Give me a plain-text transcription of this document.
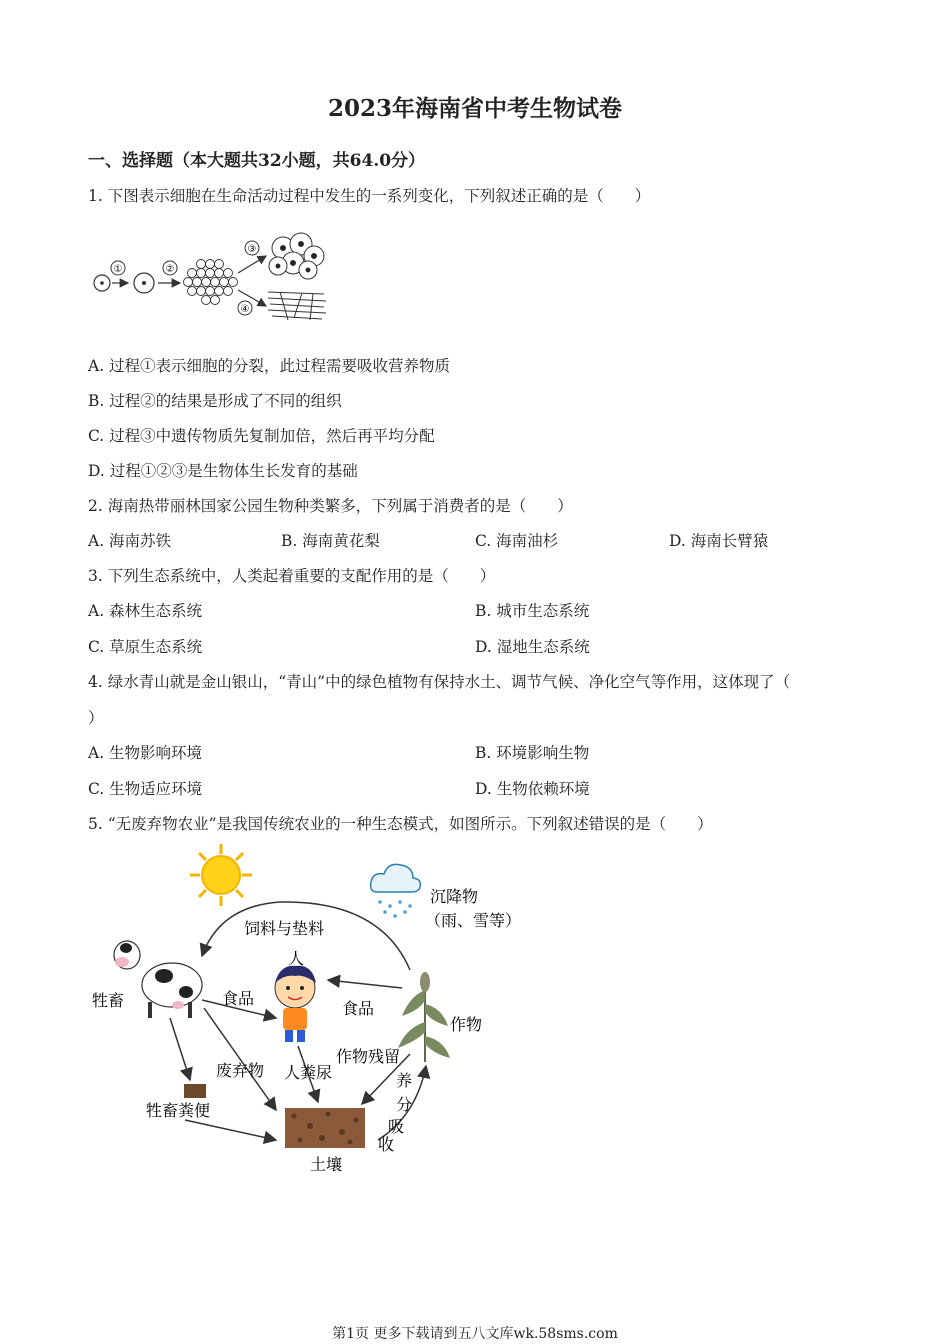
2023年海南省中考生物试卷
一、选择题（本大题共32小题，共64.0分）
1. 下图表示细胞在生命活动过程中发生的一系列变化，下列叙述正确的是（　　）
①	②
③
④
A. 过程①表示细胞的分裂，此过程需要吸收营养物质
B. 过程②的结果是形成了不同的组织
C. 过程③中遗传物质先复制加倍，然后再平均分配
D. 过程①②③是生物体生长发育的基础
2. 海南热带丽林国家公园生物种类繁多，下列属于消费者的是（　　）
A. 海南苏铁	B. 海南黄花梨	C. 海南油杉	D. 海南长臂猿
3. 下列生态系统中，人类起着重要的支配作用的是（　　）
A. 森林生态系统	B. 城市生态系统
C. 草原生态系统	D. 湿地生态系统
4. 绿水青山就是金山银山，“青山”中的绿色植物有保持水土、调节气候、净化空气等作用，这体现了（
）
A. 生物影响环境	B. 环境影响生物
C. 生物适应环境	D. 生物依赖环境
5. “无废弃物农业”是我国传统农业的一种生态模式，如图所示。下列叙述错误的是（　　）
沉降物
（雨、雪等）
饲料与垫料
牲畜
人
食品
食品
作物
废弃物 人粪尿
作物残留
牲畜粪便
土壤
养
分
吸
收
第1页 更多下载请到五八文库wk.58sms.com
